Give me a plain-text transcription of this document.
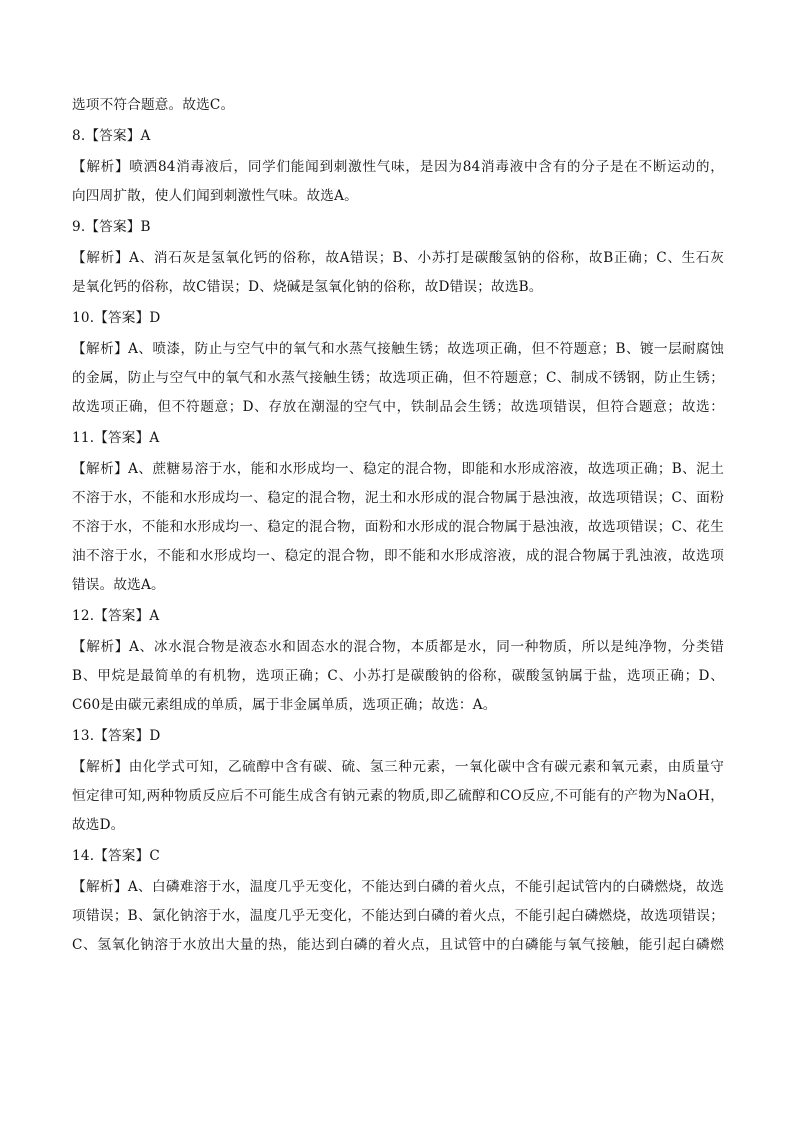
选项不符合题意。故选C。
8.【答案】A
【解析】喷洒84消毒液后，同学们能闻到刺激性气味，是因为84消毒液中含有的分子是在不断运动的，
向四周扩散，使人们闻到刺激性气味。故选A。
9.【答案】B
【解析】A、消石灰是氢氧化钙的俗称，故A错误；B、小苏打是碳酸氢钠的俗称，故B正确；C、生石灰
是氧化钙的俗称，故C错误；D、烧碱是氢氧化钠的俗称，故D错误；故选B。
10.【答案】D
【解析】A、喷漆，防止与空气中的氧气和水蒸气接触生锈；故选项正确，但不符题意；B、镀一层耐腐蚀
的金属，防止与空气中的氧气和水蒸气接触生锈；故选项正确，但不符题意；C、制成不锈钢，防止生锈；
故选项正确，但不符题意；D、存放在潮湿的空气中，铁制品会生锈；故选项错误，但符合题意；故选：
11.【答案】A
【解析】A、蔗糖易溶于水，能和水形成均一、稳定的混合物，即能和水形成溶液，故选项正确；B、泥土
不溶于水，不能和水形成均一、稳定的混合物，泥土和水形成的混合物属于悬浊液，故选项错误；C、面粉
不溶于水，不能和水形成均一、稳定的混合物，面粉和水形成的混合物属于悬浊液，故选项错误；C、花生
油不溶于水，不能和水形成均一、稳定的混合物，即不能和水形成溶液，成的混合物属于乳浊液，故选项
错误。故选A。
12.【答案】A
【解析】A、冰水混合物是液态水和固态水的混合物，本质都是水，同一种物质，所以是纯净物，分类错
B、甲烷是最简单的有机物，选项正确；C、小苏打是碳酸钠的俗称，碳酸氢钠属于盐，选项正确；D、
C60是由碳元素组成的单质，属于非金属单质，选项正确；故选：A。
13.【答案】D
【解析】由化学式可知，乙硫醇中含有碳、硫、氢三种元素，一氧化碳中含有碳元素和氧元素，由质量守
恒定律可知,两种物质反应后不可能生成含有钠元素的物质,即乙硫醇和CO反应,不可能有的产物为NaOH，
故选D。
14.【答案】C
【解析】A、白磷难溶于水，温度几乎无变化，不能达到白磷的着火点，不能引起试管内的白磷燃烧，故选
项错误；B、氯化钠溶于水，温度几乎无变化，不能达到白磷的着火点，不能引起白磷燃烧，故选项错误；
C、氢氧化钠溶于水放出大量的热，能达到白磷的着火点，且试管中的白磷能与氧气接触，能引起白磷燃
